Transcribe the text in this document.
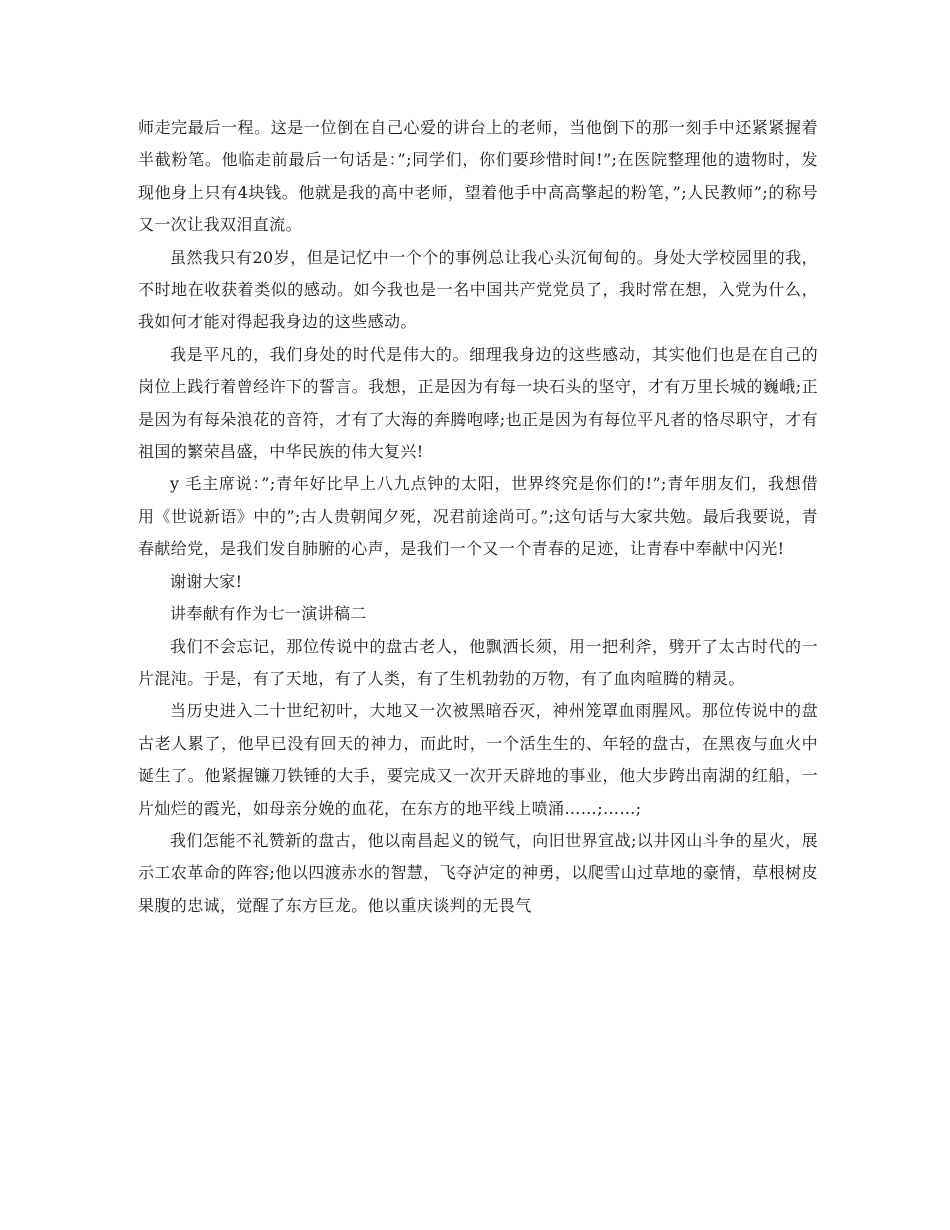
师走完最后一程。这是一位倒在自己心爱的讲台上的老师，当他倒下的那一刻手中还紧紧握着半截粉笔。他临走前最后一句话是：”;同学们，你们要珍惜时间!”;在医院整理他的遗物时，发现他身上只有4块钱。他就是我的高中老师，望着他手中高高擎起的粉笔，”;人民教师”;的称号又一次让我双泪直流。

虽然我只有20岁，但是记忆中一个个的事例总让我心头沉甸甸的。身处大学校园里的我，不时地在收获着类似的感动。如今我也是一名中国共产党党员了，我时常在想，入党为什么，我如何才能对得起我身边的这些感动。

我是平凡的，我们身处的时代是伟大的。细理我身边的这些感动，其实他们也是在自己的岗位上践行着曾经许下的誓言。我想，正是因为有每一块石头的坚守，才有万里长城的巍峨;正是因为有每朵浪花的音符，才有了大海的奔腾咆哮;也正是因为有每位平凡者的恪尽职守，才有祖国的繁荣昌盛，中华民族的伟大复兴!

y 毛主席说：”;青年好比早上八九点钟的太阳，世界终究是你们的!”;青年朋友们，我想借用《世说新语》中的”;古人贵朝闻夕死，况君前途尚可。”;这句话与大家共勉。最后我要说，青春献给党，是我们发自肺腑的心声，是我们一个又一个青春的足迹，让青春中奉献中闪光!

谢谢大家!

讲奉献有作为七一演讲稿二

我们不会忘记，那位传说中的盘古老人，他飘洒长须，用一把利斧，劈开了太古时代的一片混沌。于是，有了天地，有了人类，有了生机勃勃的万物，有了血肉喧腾的精灵。

当历史进入二十世纪初叶，大地又一次被黑暗吞灭，神州笼罩血雨腥风。那位传说中的盘古老人累了，他早已没有回天的神力，而此时，一个活生生的、年轻的盘古，在黑夜与血火中诞生了。他紧握镰刀铁锤的大手，要完成又一次开天辟地的事业，他大步跨出南湖的红船，一片灿烂的霞光，如母亲分娩的血花，在东方的地平线上喷涌……;……;

我们怎能不礼赞新的盘古，他以南昌起义的锐气，向旧世界宣战;以井冈山斗争的星火，展示工农革命的阵容;他以四渡赤水的智慧，飞夺泸定的神勇，以爬雪山过草地的豪情，草根树皮果腹的忠诚，觉醒了东方巨龙。他以重庆谈判的无畏气
